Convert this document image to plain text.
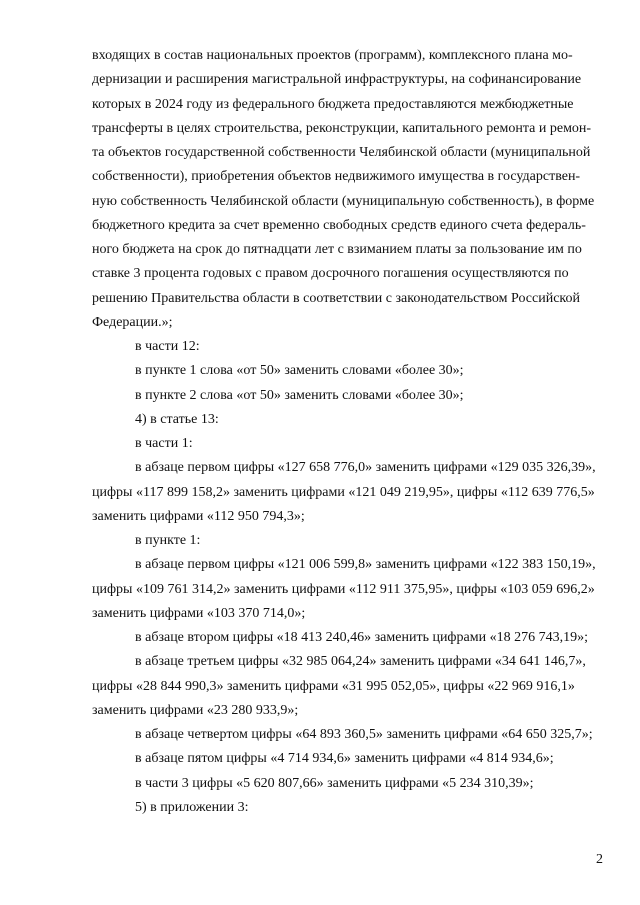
входящих в состав национальных проектов (программ), комплексного плана мо-
дернизации и расширения магистральной инфраструктуры, на софинансирование
которых в 2024 году из федерального бюджета предоставляются межбюджетные
трансферты в целях строительства, реконструкции, капитального ремонта и ремон-
та объектов государственной собственности Челябинской области (муниципальной
собственности), приобретения объектов недвижимого имущества в государствен-
ную собственность Челябинской области (муниципальную собственность), в форме
бюджетного кредита за счет временно свободных средств единого счета федераль-
ного бюджета на срок до пятнадцати лет с взиманием платы за пользование им по
ставке 3 процента годовых с правом досрочного погашения осуществляются по
решению Правительства области в соответствии с законодательством Российской
Федерации.»;
в части 12:
в пункте 1 слова «от 50» заменить словами «более 30»;
в пункте 2 слова «от 50» заменить словами «более 30»;
4) в статье 13:
в части 1:
в абзаце первом цифры «127 658 776,0» заменить цифрами «129 035 326,39»,
цифры «117 899 158,2» заменить цифрами «121 049 219,95», цифры «112 639 776,5»
заменить цифрами «112 950 794,3»;
в пункте 1:
в абзаце первом цифры «121 006 599,8» заменить цифрами «122 383 150,19»,
цифры «109 761 314,2» заменить цифрами «112 911 375,95», цифры «103 059 696,2»
заменить цифрами «103 370 714,0»;
в абзаце втором цифры «18 413 240,46» заменить цифрами «18 276 743,19»;
в абзаце третьем цифры «32 985 064,24» заменить цифрами «34 641 146,7»,
цифры «28 844 990,3» заменить цифрами «31 995 052,05», цифры «22 969 916,1»
заменить цифрами «23 280 933,9»;
в абзаце четвертом цифры «64 893 360,5» заменить цифрами «64 650 325,7»;
в абзаце пятом цифры «4 714 934,6» заменить цифрами «4 814 934,6»;
в части 3 цифры «5 620 807,66» заменить цифрами «5 234 310,39»;
5) в приложении 3:
2
